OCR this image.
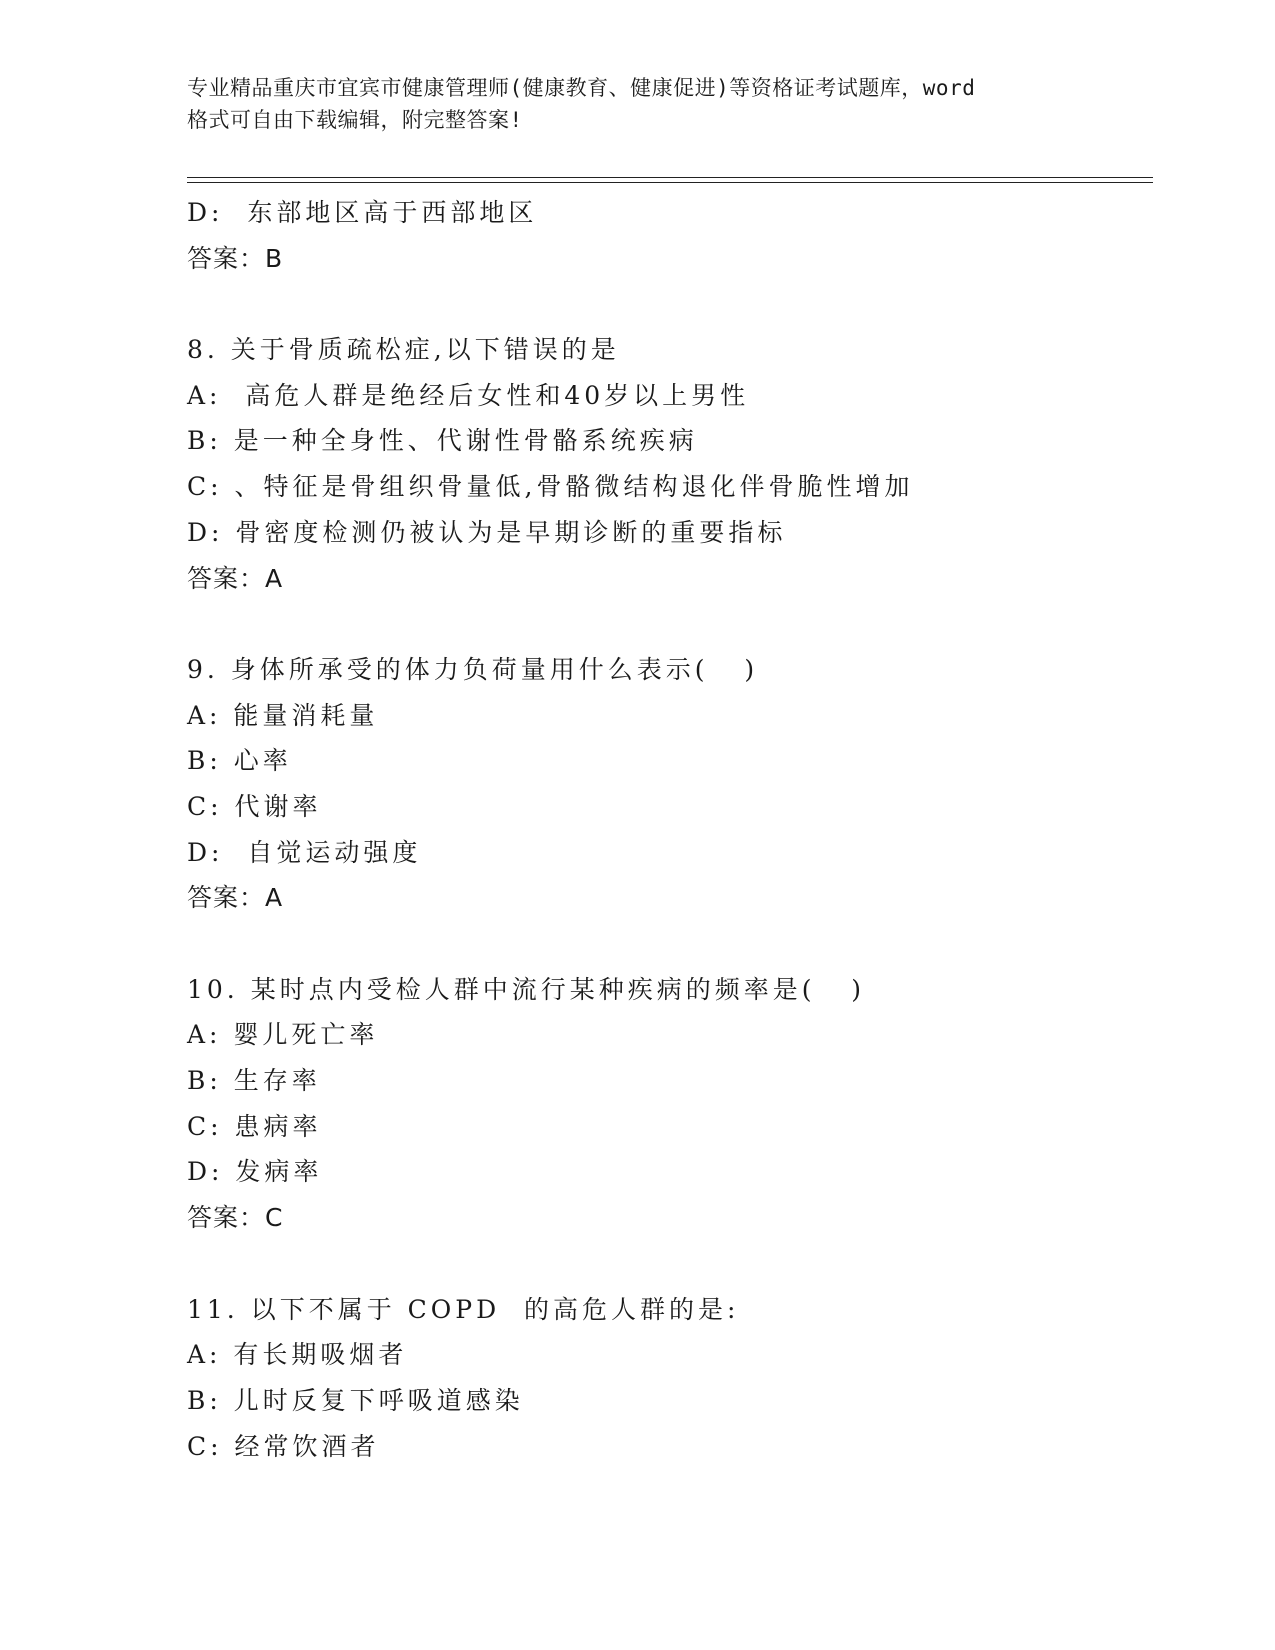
专业精品重庆市宜宾市健康管理师(健康教育、健康促进)等资格证考试题库，word
格式可自由下载编辑，附完整答案!
D:  东部地区高于西部地区
答案：B
8. 关于骨质疏松症,以下错误的是
A:  高危人群是绝经后女性和40岁以上男性
B: 是一种全身性、代谢性骨骼系统疾病
C: 、特征是骨组织骨量低,骨骼微结构退化伴骨脆性增加
D: 骨密度检测仍被认为是早期诊断的重要指标
答案：A
9. 身体所承受的体力负荷量用什么表示(   )
A: 能量消耗量
B: 心率
C: 代谢率
D:  自觉运动强度
答案：A
10. 某时点内受检人群中流行某种疾病的频率是(   )
A: 婴儿死亡率
B: 生存率
C: 患病率
D: 发病率
答案：C
11. 以下不属于 COPD  的高危人群的是:
A: 有长期吸烟者
B: 儿时反复下呼吸道感染
C: 经常饮酒者
